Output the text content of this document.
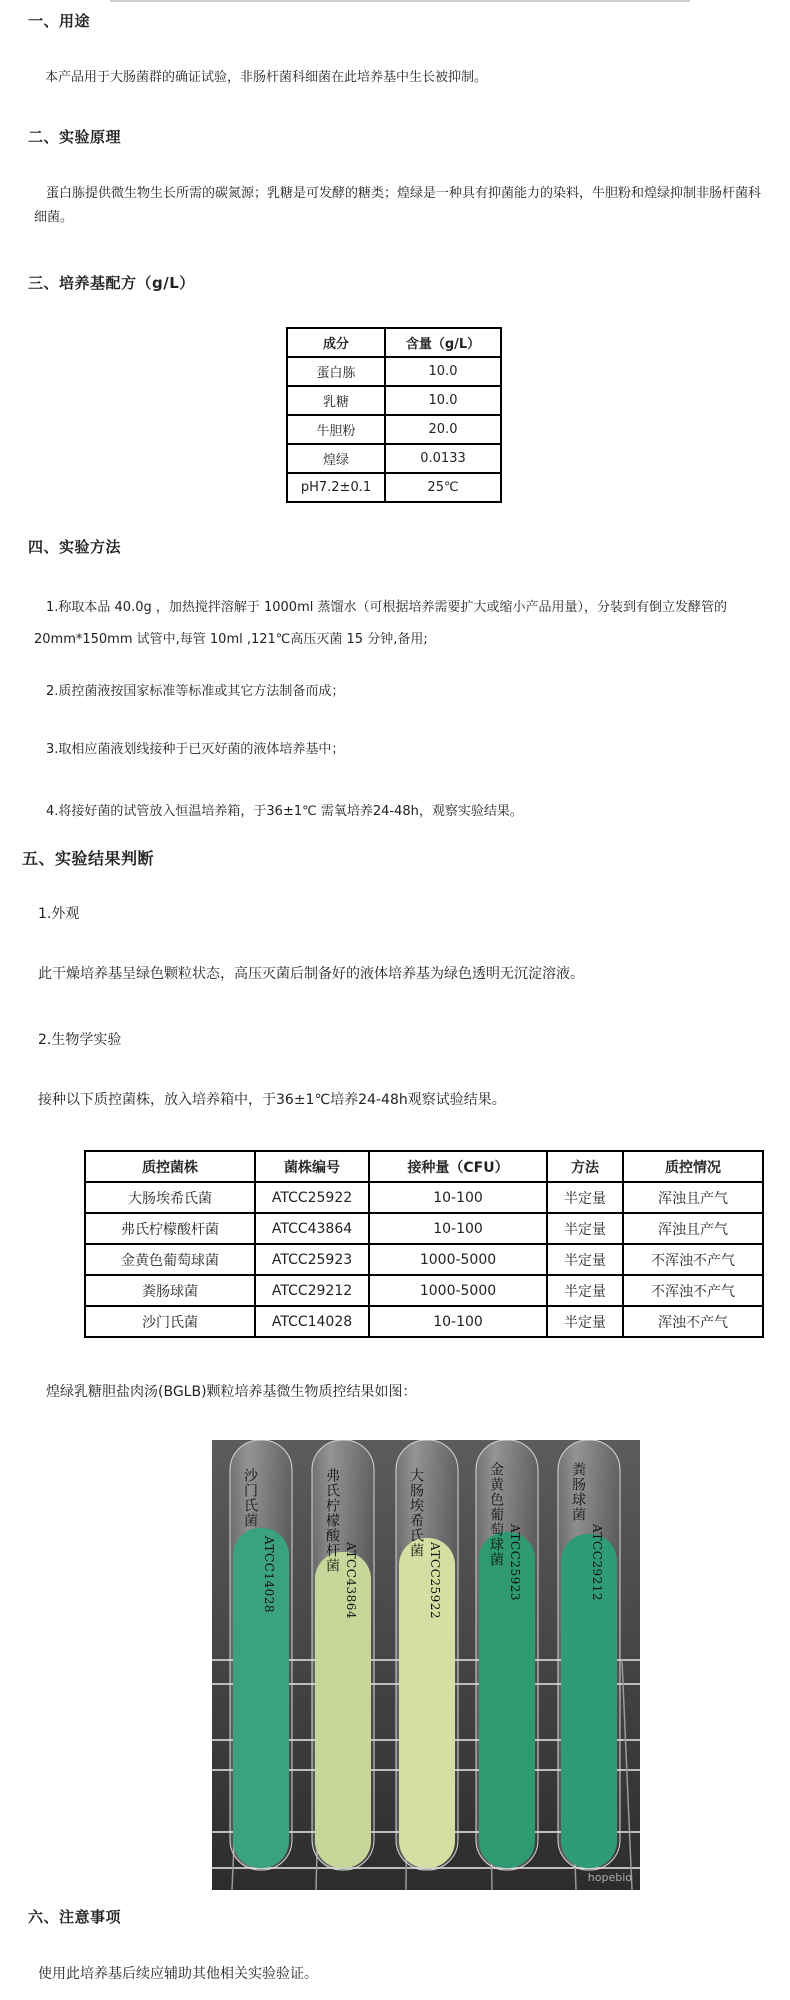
一、用途
本产品用于大肠菌群的确证试验，非肠杆菌科细菌在此培养基中生长被抑制。
二、实验原理
蛋白胨提供微生物生长所需的碳氮源；乳糖是可发酵的糖类；煌绿是一种具有抑菌能力的染料，牛胆粉和煌绿抑制非肠杆菌科细菌。
三、培养基配方（g/L）
成分	含量（g/L）
蛋白胨	10.0
乳糖	10.0
牛胆粉	20.0
煌绿	0.0133
pH7.2±0.1	25℃
四、实验方法
1.称取本品 40.0g ，加热搅拌溶解于 1000ml 蒸馏水（可根据培养需要扩大或缩小产品用量），分装到有倒立发酵管的20mm*150mm 试管中,每管 10ml ,121℃高压灭菌 15 分钟,备用;
2.质控菌液按国家标准等标准或其它方法制备而成；
3.取相应菌液划线接种于已灭好菌的液体培养基中；
4.将接好菌的试管放入恒温培养箱，于36±1℃ 需氧培养24-48h，观察实验结果。
五、实验结果判断
1.外观
此干燥培养基呈绿色颗粒状态，高压灭菌后制备好的液体培养基为绿色透明无沉淀溶液。
2.生物学实验
接种以下质控菌株，放入培养箱中，于36±1℃培养24-48h观察试验结果。
质控菌株	菌株编号	接种量（CFU）	方法	质控情况
大肠埃希氏菌	ATCC25922	10-100	半定量	浑浊且产气
弗氏柠檬酸杆菌	ATCC43864	10-100	半定量	浑浊且产气
金黄色葡萄球菌	ATCC25923	1000-5000	半定量	不浑浊不产气
粪肠球菌	ATCC29212	1000-5000	半定量	不浑浊不产气
沙门氏菌	ATCC14028	10-100	半定量	浑浊不产气
煌绿乳糖胆盐肉汤(BGLB)颗粒培养基微生物质控结果如图：
沙门氏菌
ATCC14028
弗氏柠檬酸杆菌
ATCC43864
大肠埃希氏菌
ATCC25922
金黄色葡萄球菌 ATCC25923
粪肠球菌
ATCC29212
hopebio
六、注意事项
使用此培养基后续应辅助其他相关实验验证。
